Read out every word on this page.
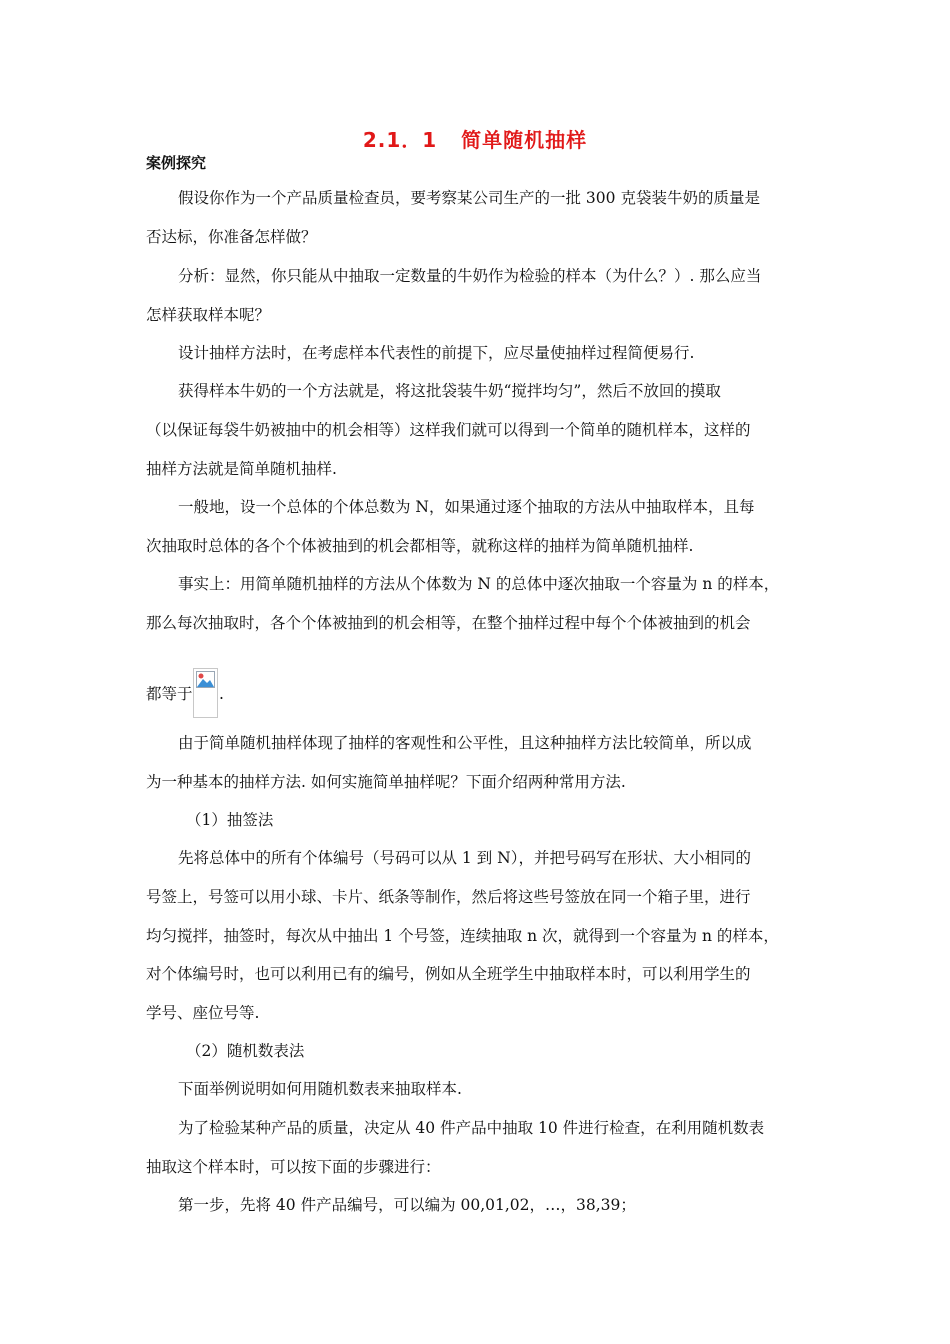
2.1．1   简单随机抽样
案例探究
假设你作为一个产品质量检查员，要考察某公司生产的一批 300 克袋装牛奶的质量是
否达标，你准备怎样做？
分析：显然，你只能从中抽取一定数量的牛奶作为检验的样本（为什么？）. 那么应当
怎样获取样本呢？
设计抽样方法时，在考虑样本代表性的前提下，应尽量使抽样过程简便易行.
获得样本牛奶的一个方法就是，将这批袋装牛奶“搅拌均匀”，然后不放回的摸取
（以保证每袋牛奶被抽中的机会相等）这样我们就可以得到一个简单的随机样本，这样的
抽样方法就是简单随机抽样.
一般地，设一个总体的个体总数为 N，如果通过逐个抽取的方法从中抽取样本，且每
次抽取时总体的各个个体被抽到的机会都相等，就称这样的抽样为简单随机抽样.
事实上：用简单随机抽样的方法从个体数为 N 的总体中逐次抽取一个容量为 n 的样本，
那么每次抽取时，各个个体被抽到的机会相等，在整个抽样过程中每个个体被抽到的机会
都等于 .
由于简单随机抽样体现了抽样的客观性和公平性，且这种抽样方法比较简单，所以成
为一种基本的抽样方法. 如何实施简单抽样呢？下面介绍两种常用方法.
（1）抽签法
先将总体中的所有个体编号（号码可以从 1 到 N），并把号码写在形状、大小相同的
号签上，号签可以用小球、卡片、纸条等制作，然后将这些号签放在同一个箱子里，进行
均匀搅拌，抽签时，每次从中抽出 1 个号签，连续抽取 n 次，就得到一个容量为 n 的样本，
对个体编号时，也可以利用已有的编号，例如从全班学生中抽取样本时，可以利用学生的
学号、座位号等.
（2）随机数表法
下面举例说明如何用随机数表来抽取样本.
为了检验某种产品的质量，决定从 40 件产品中抽取 10 件进行检查，在利用随机数表
抽取这个样本时，可以按下面的步骤进行：
第一步，先将 40 件产品编号，可以编为 00,01,02，…，38,39；
